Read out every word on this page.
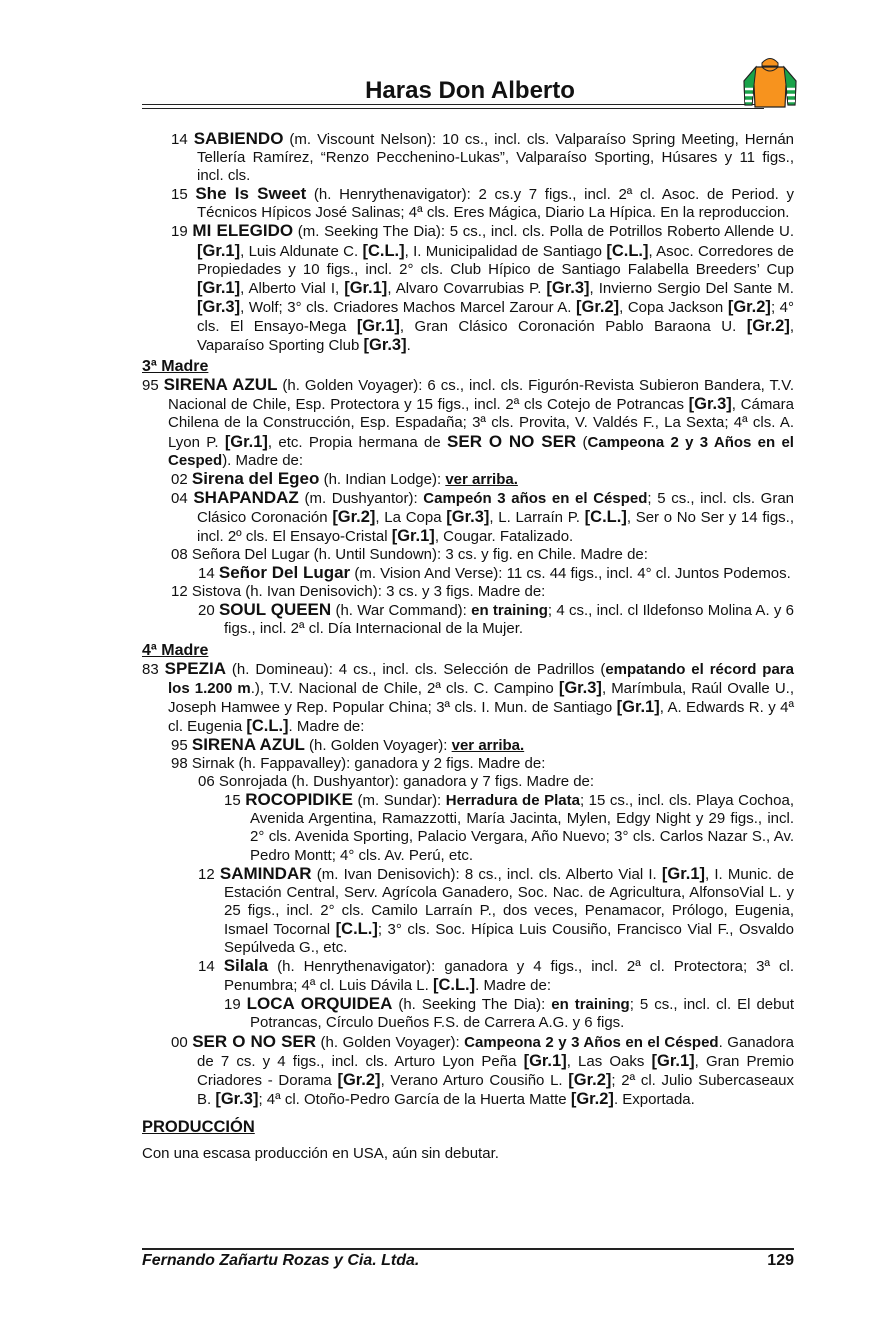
Haras Don Alberto
14 SABIENDO (m. Viscount Nelson): 10 cs., incl. cls. Valparaíso Spring Meeting, Hernán Tellería Ramírez, “Renzo Pecchenino-Lukas”, Valparaíso Sporting, Húsares y 11 figs., incl. cls.
15 She Is Sweet (h. Henrythenavigator): 2 cs.y 7 figs., incl. 2ª cl. Asoc. de Period. y Técnicos Hípicos José Salinas; 4ª cls. Eres Mágica, Diario La Hípica. En la reproduccion.
19 MI ELEGIDO (m. Seeking The Dia): 5 cs., incl. cls. Polla de Potrillos Roberto Allende U. [Gr.1], Luis Aldunate C. [C.L.], I. Municipalidad de Santiago [C.L.], Asoc. Corredores de Propiedades y 10 figs., incl. 2° cls. Club Hípico de Santiago Falabella Breeders’ Cup [Gr.1], Alberto Vial I, [Gr.1], Alvaro Covarrubias P. [Gr.3], Invierno Sergio Del Sante M. [Gr.3], Wolf; 3° cls. Criadores Machos Marcel Zarour A. [Gr.2], Copa Jackson [Gr.2]; 4° cls. El Ensayo-Mega [Gr.1], Gran Clásico Coronación Pablo Baraona U. [Gr.2], Vaparaíso Sporting Club [Gr.3].
3ª Madre
95 SIRENA AZUL (h. Golden Voyager): 6 cs., incl. cls. Figurón-Revista Subieron Bandera, T.V. Nacional de Chile, Esp. Protectora y 15 figs., incl. 2ª cls Cotejo de Potrancas [Gr.3], Cámara Chilena de la Construcción, Esp. Espadaña; 3ª cls. Provita, V. Valdés F., La Sexta; 4ª cls. A. Lyon P. [Gr.1], etc. Propia hermana de SER O NO SER (Campeona 2 y 3 Años en el Cesped). Madre de:
02 Sirena del Egeo (h. Indian Lodge): ver arriba.
04 SHAPANDAZ (m. Dushyantor): Campeón 3 años en el Césped; 5 cs., incl. cls. Gran Clásico Coronación [Gr.2], La Copa [Gr.3], L. Larraín P. [C.L.], Ser o No Ser y 14 figs., incl. 2º cls. El Ensayo-Cristal [Gr.1], Cougar. Fatalizado.
08 Señora Del Lugar (h. Until Sundown): 3 cs. y fig. en Chile. Madre de:
14 Señor Del Lugar (m. Vision And Verse): 11 cs. 44 figs., incl. 4° cl. Juntos Podemos.
12 Sistova (h. Ivan Denisovich): 3 cs. y 3 figs. Madre de:
20 SOUL QUEEN (h. War Command): en training; 4 cs., incl. cl Ildefonso Molina A. y 6 figs., incl. 2ª cl. Día Internacional de la Mujer.
4ª Madre
83 SPEZIA (h. Domineau): 4 cs., incl. cls. Selección de Padrillos (empatando el récord para los 1.200 m.), T.V. Nacional de Chile, 2ª cls. C. Campino [Gr.3], Marímbula, Raúl Ovalle U., Joseph Hamwee y Rep. Popular China; 3ª cls. I. Mun. de Santiago [Gr.1], A. Edwards R. y 4ª cl. Eugenia [C.L.]. Madre de:
95 SIRENA AZUL (h. Golden Voyager): ver arriba.
98 Sirnak (h. Fappavalley): ganadora y 2 figs. Madre de:
06 Sonrojada (h. Dushyantor): ganadora y 7 figs. Madre de:
15 ROCOPIDIKE (m. Sundar): Herradura de Plata; 15 cs., incl. cls. Playa Cochoa, Avenida Argentina, Ramazzotti, María Jacinta, Mylen, Edgy Night y 29 figs., incl. 2° cls. Avenida Sporting, Palacio Vergara, Año Nuevo; 3° cls. Carlos Nazar S., Av. Pedro Montt; 4° cls. Av. Perú, etc.
12 SAMINDAR (m. Ivan Denisovich): 8 cs., incl. cls. Alberto Vial I. [Gr.1], I. Munic. de Estación Central, Serv. Agrícola Ganadero, Soc. Nac. de Agricultura, AlfonsoVial L. y 25 figs., incl. 2° cls. Camilo Larraín P., dos veces, Penamacor, Prólogo, Eugenia, Ismael Tocornal [C.L.]; 3° cls. Soc. Hípica Luis Cousiño, Francisco Vial F., Osvaldo Sepúlveda G., etc.
14 Silala (h. Henrythenavigator): ganadora y 4 figs., incl. 2ª cl. Protectora; 3ª cl. Penumbra; 4ª cl. Luis Dávila L. [C.L.]. Madre de:
19 LOCA ORQUIDEA (h. Seeking The Dia): en training; 5 cs., incl. cl. El debut Potrancas, Círculo Dueños F.S. de Carrera A.G. y 6 figs.
00 SER O NO SER (h. Golden Voyager): Campeona 2 y 3 Años en el Césped. Ganadora de 7 cs. y 4 figs., incl. cls. Arturo Lyon Peña [Gr.1], Las Oaks [Gr.1], Gran Premio Criadores - Dorama [Gr.2], Verano Arturo Cousiño L. [Gr.2]; 2ª cl. Julio Subercaseaux B. [Gr.3]; 4ª cl. Otoño-Pedro García de la Huerta Matte [Gr.2]. Exportada.
PRODUCCIÓN
Con una escasa producción en USA, aún sin debutar.
Fernando Zañartu Rozas y Cia. Ltda.	129
